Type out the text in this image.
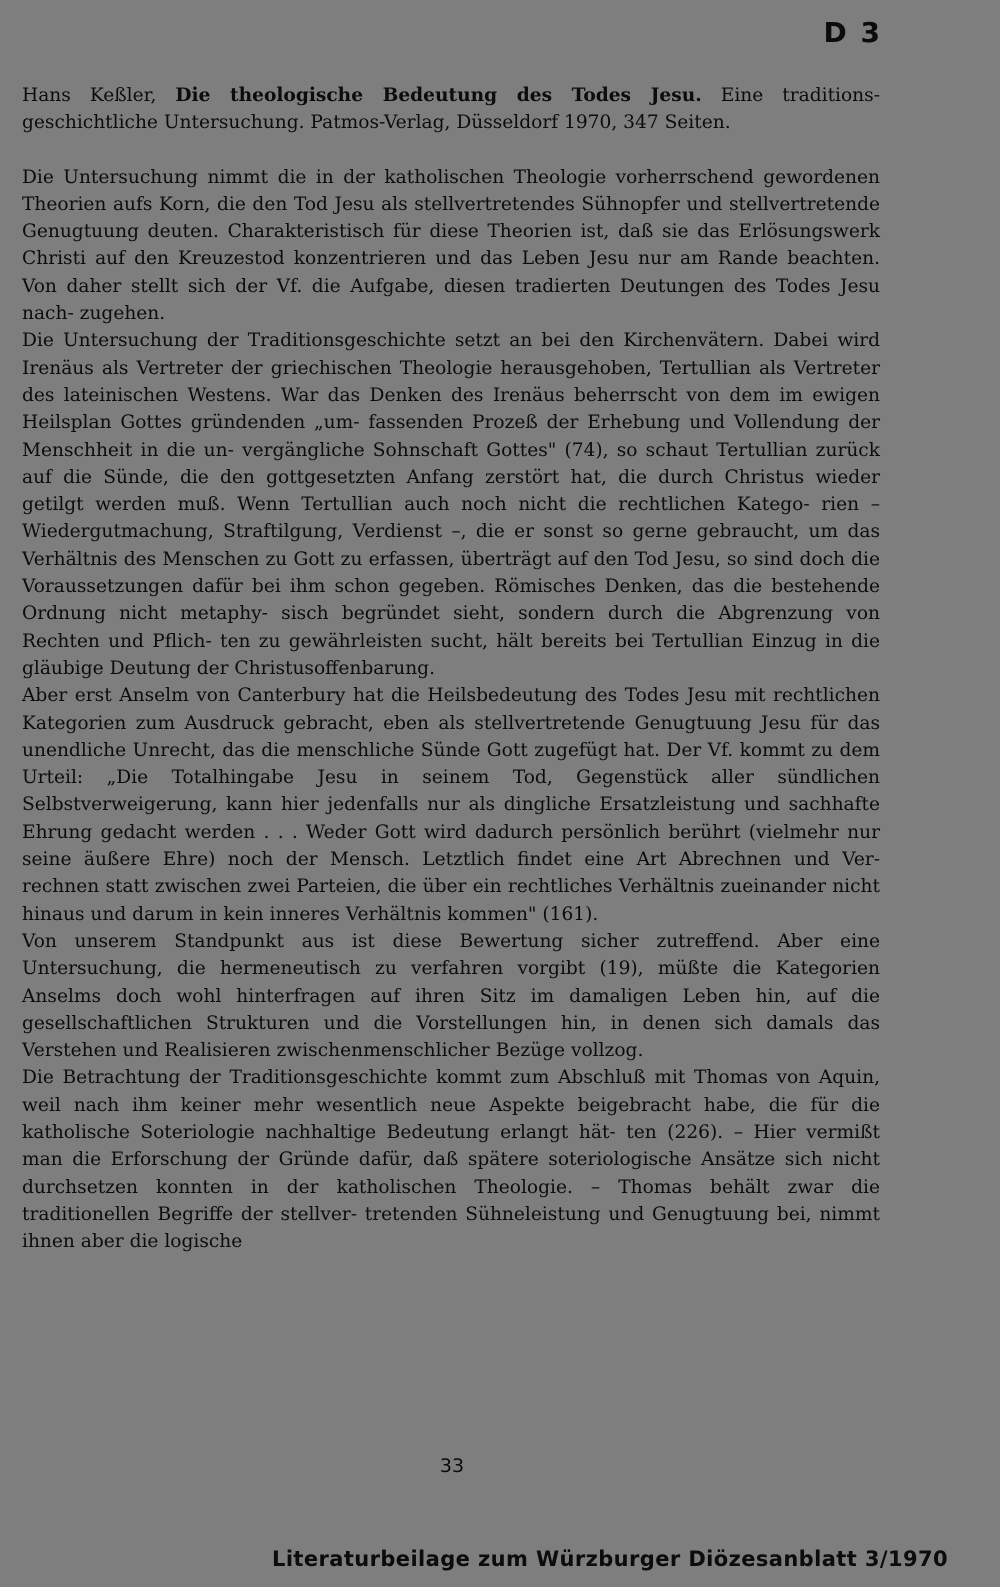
D 3

Hans Keßler, Die theologische Bedeutung des Todes Jesu. Eine traditions- geschichtliche Untersuchung. Patmos-Verlag, Düsseldorf 1970, 347 Seiten.

Die Untersuchung nimmt die in der katholischen Theologie vorherrschend gewordenen Theorien aufs Korn, die den Tod Jesu als stellvertretendes Sühnopfer und stellvertretende Genugtuung deuten. Charakteristisch für diese Theorien ist, daß sie das Erlösungswerk Christi auf den Kreuzestod konzentrieren und das Leben Jesu nur am Rande beachten. Von daher stellt sich der Vf. die Aufgabe, diesen tradierten Deutungen des Todes Jesu nach- zugehen.

Die Untersuchung der Traditionsgeschichte setzt an bei den Kirchenvätern. Dabei wird Irenäus als Vertreter der griechischen Theologie herausgehoben, Tertullian als Vertreter des lateinischen Westens. War das Denken des Irenäus beherrscht von dem im ewigen Heilsplan Gottes gründenden „um- fassenden Prozeß der Erhebung und Vollendung der Menschheit in die un- vergängliche Sohnschaft Gottes" (74), so schaut Tertullian zurück auf die Sünde, die den gottgesetzten Anfang zerstört hat, die durch Christus wieder getilgt werden muß. Wenn Tertullian auch noch nicht die rechtlichen Katego- rien – Wiedergutmachung, Straftilgung, Verdienst –, die er sonst so gerne gebraucht, um das Verhältnis des Menschen zu Gott zu erfassen, überträgt auf den Tod Jesu, so sind doch die Voraussetzungen dafür bei ihm schon gegeben. Römisches Denken, das die bestehende Ordnung nicht metaphy- sisch begründet sieht, sondern durch die Abgrenzung von Rechten und Pflich- ten zu gewährleisten sucht, hält bereits bei Tertullian Einzug in die gläubige Deutung der Christusoffenbarung.

Aber erst Anselm von Canterbury hat die Heilsbedeutung des Todes Jesu mit rechtlichen Kategorien zum Ausdruck gebracht, eben als stellvertretende Genugtuung Jesu für das unendliche Unrecht, das die menschliche Sünde Gott zugefügt hat. Der Vf. kommt zu dem Urteil: „Die Totalhingabe Jesu in seinem Tod, Gegenstück aller sündlichen Selbstverweigerung, kann hier jedenfalls nur als dingliche Ersatzleistung und sachhafte Ehrung gedacht werden . . . Weder Gott wird dadurch persönlich berührt (vielmehr nur seine äußere Ehre) noch der Mensch. Letztlich findet eine Art Abrechnen und Ver- rechnen statt zwischen zwei Parteien, die über ein rechtliches Verhältnis zueinander nicht hinaus und darum in kein inneres Verhältnis kommen" (161).

Von unserem Standpunkt aus ist diese Bewertung sicher zutreffend. Aber eine Untersuchung, die hermeneutisch zu verfahren vorgibt (19), müßte die Kategorien Anselms doch wohl hinterfragen auf ihren Sitz im damaligen Leben hin, auf die gesellschaftlichen Strukturen und die Vorstellungen hin, in denen sich damals das Verstehen und Realisieren zwischenmenschlicher Bezüge vollzog.

Die Betrachtung der Traditionsgeschichte kommt zum Abschluß mit Thomas von Aquin, weil nach ihm keiner mehr wesentlich neue Aspekte beigebracht habe, die für die katholische Soteriologie nachhaltige Bedeutung erlangt hät- ten (226). – Hier vermißt man die Erforschung der Gründe dafür, daß spätere soteriologische Ansätze sich nicht durchsetzen konnten in der katholischen Theologie. – Thomas behält zwar die traditionellen Begriffe der stellver- tretenden Sühneleistung und Genugtuung bei, nimmt ihnen aber die logische

33
Literaturbeilage zum Würzburger Diözesanblatt 3/1970
